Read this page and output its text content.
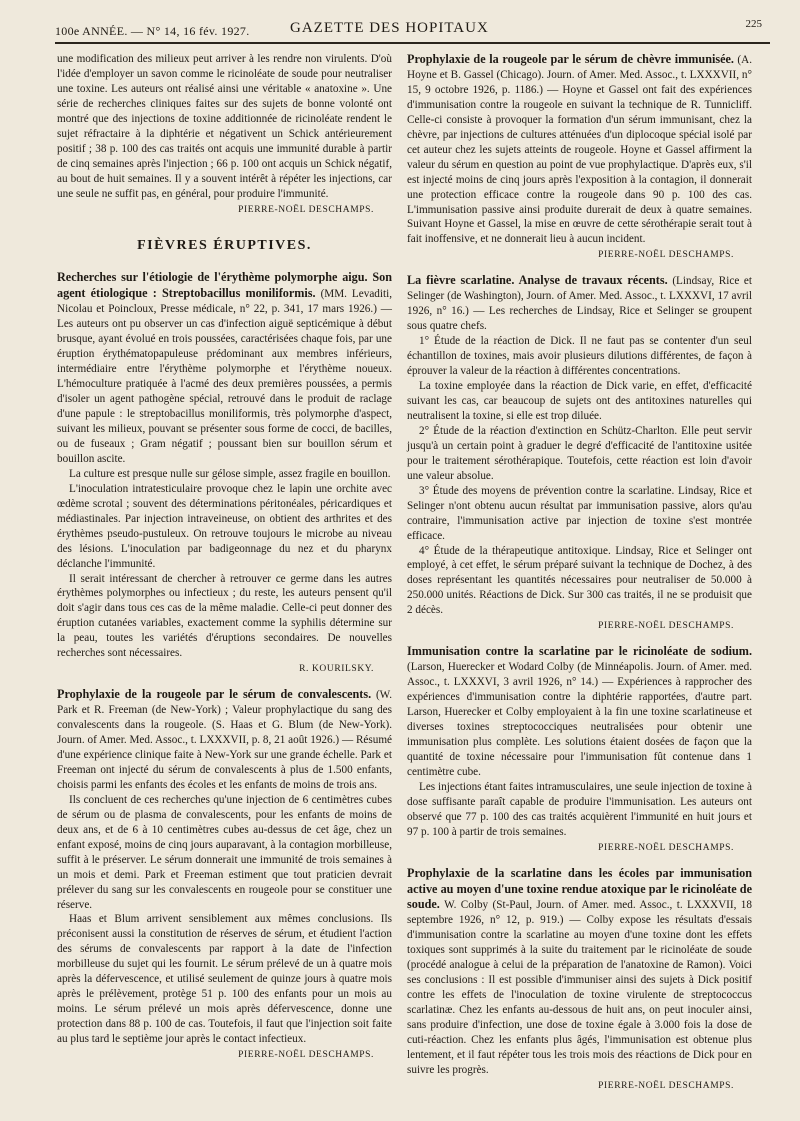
100e ANNÉE. — N° 14, 16 fév. 1927.	GAZETTE DES HOPITAUX	225

une modification des milieux peut arriver à les rendre non virulents. D'où l'idée d'employer un savon comme le ricinoléate de soude pour neutraliser une toxine. Les auteurs ont réalisé ainsi une véritable « anatoxine ». Une série de recherches cliniques faites sur des sujets de bonne volonté ont montré que des injections de toxine additionnée de ricinoléate rendent le sujet réfractaire à la diphtérie et négativent un Schick antérieurement positif ; 38 p. 100 des cas traités ont acquis une immunité durable à partir de cinq semaines après l'injection ; 66 p. 100 ont acquis un Schick négatif, au bout de huit semaines. Il y a souvent intérêt à répéter les injections, car une seule ne suffit pas, en général, pour produire l'immunité.

PIERRE-NOËL DESCHAMPS.
FIÈVRES ÉRUPTIVES.

Recherches sur l'étiologie de l'érythème polymorphe aigu. Son agent étiologique : Streptobacillus moniliformis. (MM. Levaditi, Nicolau et Poincloux, Presse médicale, n° 22, p. 341, 17 mars 1926.) — Les auteurs ont pu observer un cas d'infection aiguë septicémique à début brusque, ayant évolué en trois poussées, caractérisées chaque fois, par une éruption érythématopapuleuse prédominant aux membres inférieurs, intermédiaire entre l'érythème polymorphe et l'érythème noueux. L'hémoculture pratiquée à l'acmé des deux premières poussées, a permis d'isoler un agent pathogène spécial, retrouvé dans le produit de raclage d'une papule : le streptobacillus moniliformis, très polymorphe d'aspect, suivant les milieux, pouvant se présenter sous forme de cocci, de bacilles, ou de fuseaux ; Gram négatif ; poussant bien sur bouillon sérum et bouillon ascite.

La culture est presque nulle sur gélose simple, assez fragile en bouillon.

L'inoculation intratesticulaire provoque chez le lapin une orchite avec œdème scrotal ; souvent des déterminations péritonéales, péricardiques et médiastinales. Par injection intraveineuse, on obtient des arthrites et des érythèmes pseudo-pustuleux. On retrouve toujours le microbe au niveau des lésions. L'inoculation par badigeonnage du nez et du pharynx déclanche l'immunité.

Il serait intéressant de chercher à retrouver ce germe dans les autres érythèmes polymorphes ou infectieux ; du reste, les auteurs pensent qu'il doit s'agir dans tous ces cas de la même maladie. Celle-ci peut donner des éruption cutanées variables, exactement comme la syphilis détermine sur la peau, toutes les variétés d'éruptions secondaires. De nouvelles recherches sont nécessaires.

R. KOURILSKY.

Prophylaxie de la rougeole par le sérum de convalescents. (W. Park et R. Freeman (de New-York) ; Valeur prophylactique du sang des convalescents dans la rougeole. (S. Haas et G. Blum (de New-York). Journ. of Amer. Med. Assoc., t. LXXXVII, p. 8, 21 août 1926.) — Résumé d'une expérience clinique faite à New-York sur une grande échelle. Park et Freeman ont injecté du sérum de convalescents à plus de 1.500 enfants, choisis parmi les enfants des écoles et les enfants de moins de trois ans.

Ils concluent de ces recherches qu'une injection de 6 centimètres cubes de sérum ou de plasma de convalescents, pour les enfants de moins de deux ans, et de 6 à 10 centimètres cubes au-dessus de cet âge, chez un enfant exposé, moins de cinq jours auparavant, à la contagion morbilleuse, suffit à le préserver. Le sérum donnerait une immunité de trois semaines à un mois et demi. Park et Freeman estiment que tout praticien devrait prélever du sang sur les convalescents en rougeole pour se constituer une réserve.

Haas et Blum arrivent sensiblement aux mêmes conclusions. Ils préconisent aussi la constitution de réserves de sérum, et étudient l'action des sérums de convalescents par rapport à la date de l'infection morbilleuse du sujet qui les fournit. Le sérum prélevé de un à quatre mois après la défervescence, et utilisé seulement de quinze jours à quatre mois après le prélèvement, protège 51 p. 100 des enfants pour un mois au moins. Le sérum prélevé un mois après défervescence, donne une protection dans 88 p. 100 de cas. Toutefois, il faut que l'injection soit faite au plus tard le septième jour après le contact infectieux.

PIERRE-NOËL DESCHAMPS.

Prophylaxie de la rougeole par le sérum de chèvre immunisée. (A. Hoyne et B. Gassel (Chicago). Journ. of Amer. Med. Assoc., t. LXXXVII, n° 15, 9 octobre 1926, p. 1186.) — Hoyne et Gassel ont fait des expériences d'immunisation contre la rougeole en suivant la technique de R. Tunnicliff. Celle-ci consiste à provoquer la formation d'un sérum immunisant, chez la chèvre, par injections de cultures atténuées d'un diplocoque spécial isolé par cet auteur chez les sujets atteints de rougeole. Hoyne et Gassel affirment la valeur du sérum en question au point de vue prophylactique. D'après eux, s'il est injecté moins de cinq jours après l'exposition à la contagion, il donnerait une protection efficace contre la rougeole dans 90 p. 100 des cas. L'immunisation passive ainsi produite durerait de deux à quatre semaines. Suivant Hoyne et Gassel, la mise en œuvre de cette sérothérapie serait tout à fait inoffensive, et ne donnerait lieu à aucun incident.

PIERRE-NOËL DESCHAMPS.

La fièvre scarlatine. Analyse de travaux récents. (Lindsay, Rice et Selinger (de Washington), Journ. of Amer. Med. Assoc., t. LXXXVI, 17 avril 1926, n° 16.) — Les recherches de Lindsay, Rice et Selinger se groupent sous quatre chefs.

1° Étude de la réaction de Dick. Il ne faut pas se contenter d'un seul échantillon de toxines, mais avoir plusieurs dilutions différentes, de façon à éprouver la valeur de la réaction à différentes concentrations.

La toxine employée dans la réaction de Dick varie, en effet, d'efficacité suivant les cas, car beaucoup de sujets ont des antitoxines naturelles qui neutralisent la toxine, si elle est trop diluée.

2° Étude de la réaction d'extinction en Schütz-Charlton. Elle peut servir jusqu'à un certain point à graduer le degré d'efficacité de l'antitoxine usitée pour le traitement sérothérapique. Toutefois, cette réaction est loin d'avoir une valeur absolue.

3° Étude des moyens de prévention contre la scarlatine. Lindsay, Rice et Selinger n'ont obtenu aucun résultat par immunisation passive, alors qu'au contraire, l'immunisation active par injection de toxine s'est montrée efficace.

4° Étude de la thérapeutique antitoxique. Lindsay, Rice et Selinger ont employé, à cet effet, le sérum préparé suivant la technique de Dochez, à des doses représentant les quantités nécessaires pour neutraliser de 50.000 à 250.000 unités. Réactions de Dick. Sur 300 cas traités, il ne se produisit que 2 décès.

PIERRE-NOËL DESCHAMPS.

Immunisation contre la scarlatine par le ricinoléate de sodium. (Larson, Huerecker et Wodard Colby (de Minnéapolis. Journ. of Amer. med. Assoc., t. LXXXVI, 3 avril 1926, n° 14.) — Expériences à rapprocher des expériences d'immunisation contre la diphtérie rapportées, d'autre part. Larson, Huerecker et Colby employaient à la fin une toxine scarlatineuse et diverses toxines streptococciques neutralisées pour obtenir une immunisation plus complète. Les solutions étaient dosées de façon que la quantité de toxine nécessaire pour l'immunisation fût contenue dans 1 centimètre cube.

Les injections étant faites intramusculaires, une seule injection de toxine à dose suffisante paraît capable de produire l'immunisation. Les auteurs ont observé que 77 p. 100 des cas traités acquièrent l'immunité en huit jours et 97 p. 100 à partir de trois semaines.

PIERRE-NOËL DESCHAMPS.

Prophylaxie de la scarlatine dans les écoles par immunisation active au moyen d'une toxine rendue atoxique par le ricinoléate de soude. W. Colby (St-Paul, Journ. of Amer. med. Assoc., t. LXXXVII, 18 septembre 1926, n° 12, p. 919.) — Colby expose les résultats d'essais d'immunisation contre la scarlatine au moyen d'une toxine dont les effets toxiques sont supprimés à la suite du traitement par le ricinoléate de soude (procédé analogue à celui de la préparation de l'anatoxine de Ramon). Voici ses conclusions : Il est possible d'immuniser ainsi des sujets à Dick positif contre les effets de l'inoculation de toxine virulente de streptococcus scarlatinæ. Chez les enfants au-dessous de huit ans, on peut inoculer ainsi, sans produire d'infection, une dose de toxine égale à 3.000 fois la dose de cuti-réaction. Chez les enfants plus âgés, l'immunisation est obtenue plus lentement, et il faut répéter tous les trois mois des réactions de Dick pour en suivre les progrès.

PIERRE-NOËL DESCHAMPS.
